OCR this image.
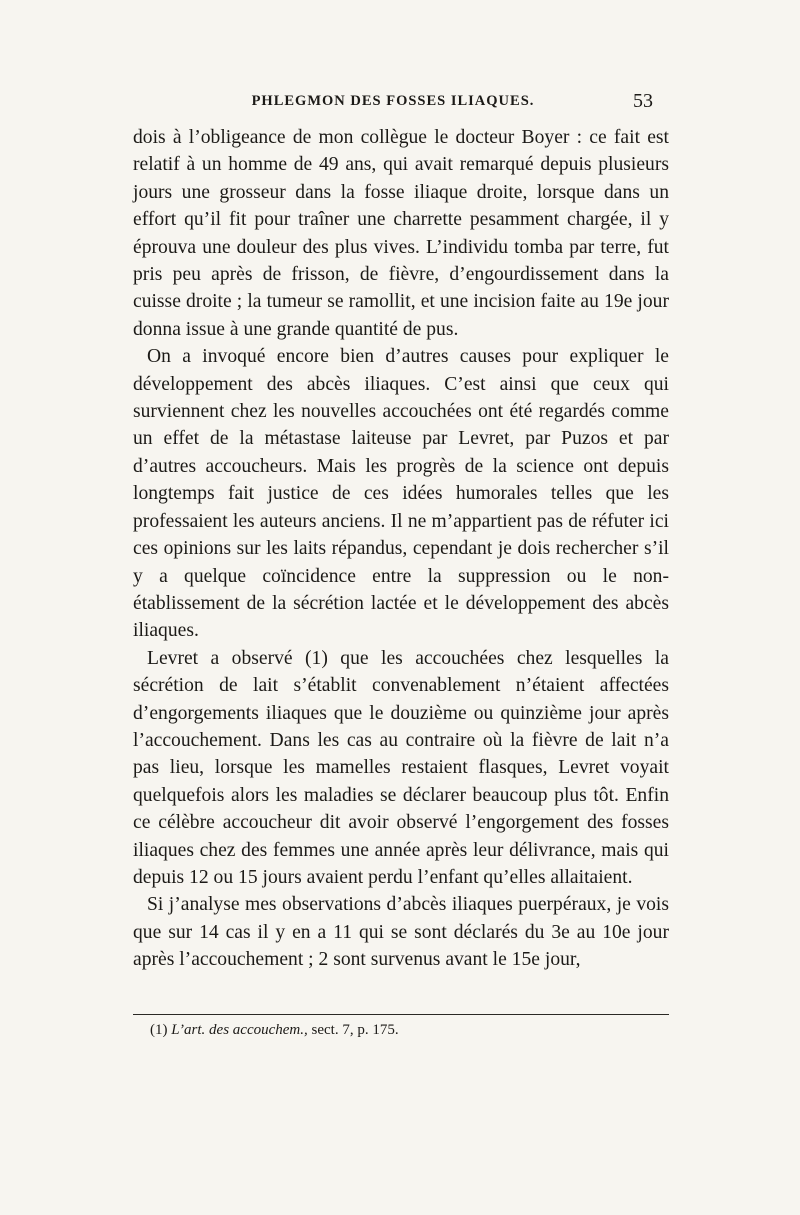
PHLEGMON DES FOSSES ILIAQUES.	53

dois à l’obligeance de mon collègue le docteur Boyer : ce fait est relatif à un homme de 49 ans, qui avait remarqué depuis plusieurs jours une grosseur dans la fosse iliaque droite, lorsque dans un effort qu’il fit pour traîner une charrette pesamment chargée, il y éprouva une douleur des plus vives. L’individu tomba par terre, fut pris peu après de frisson, de fièvre, d’engourdissement dans la cuisse droite ; la tumeur se ramollit, et une incision faite au 19e jour donna issue à une grande quantité de pus.

On a invoqué encore bien d’autres causes pour expliquer le développement des abcès iliaques. C’est ainsi que ceux qui surviennent chez les nouvelles accouchées ont été regardés comme un effet de la métastase laiteuse par Levret, par Puzos et par d’autres accoucheurs. Mais les progrès de la science ont depuis longtemps fait justice de ces idées humorales telles que les professaient les auteurs anciens. Il ne m’appartient pas de réfuter ici ces opinions sur les laits répandus, cependant je dois rechercher s’il y a quelque coïncidence entre la suppression ou le non-établissement de la sécrétion lactée et le développement des abcès iliaques.

Levret a observé (1) que les accouchées chez lesquelles la sécrétion de lait s’établit convenablement n’étaient affectées d’engorgements iliaques que le douzième ou quinzième jour après l’accouchement. Dans les cas au contraire où la fièvre de lait n’a pas lieu, lorsque les mamelles restaient flasques, Levret voyait quelquefois alors les maladies se déclarer beaucoup plus tôt. Enfin ce célèbre accoucheur dit avoir observé l’engorgement des fosses iliaques chez des femmes une année après leur délivrance, mais qui depuis 12 ou 15 jours avaient perdu l’enfant qu’elles allaitaient.

Si j’analyse mes observations d’abcès iliaques puerpéraux, je vois que sur 14 cas il y en a 11 qui se sont déclarés du 3e au 10e jour après l’accouchement ; 2 sont survenus avant le 15e jour,

(1) L’art. des accouchem., sect. 7, p. 175.
